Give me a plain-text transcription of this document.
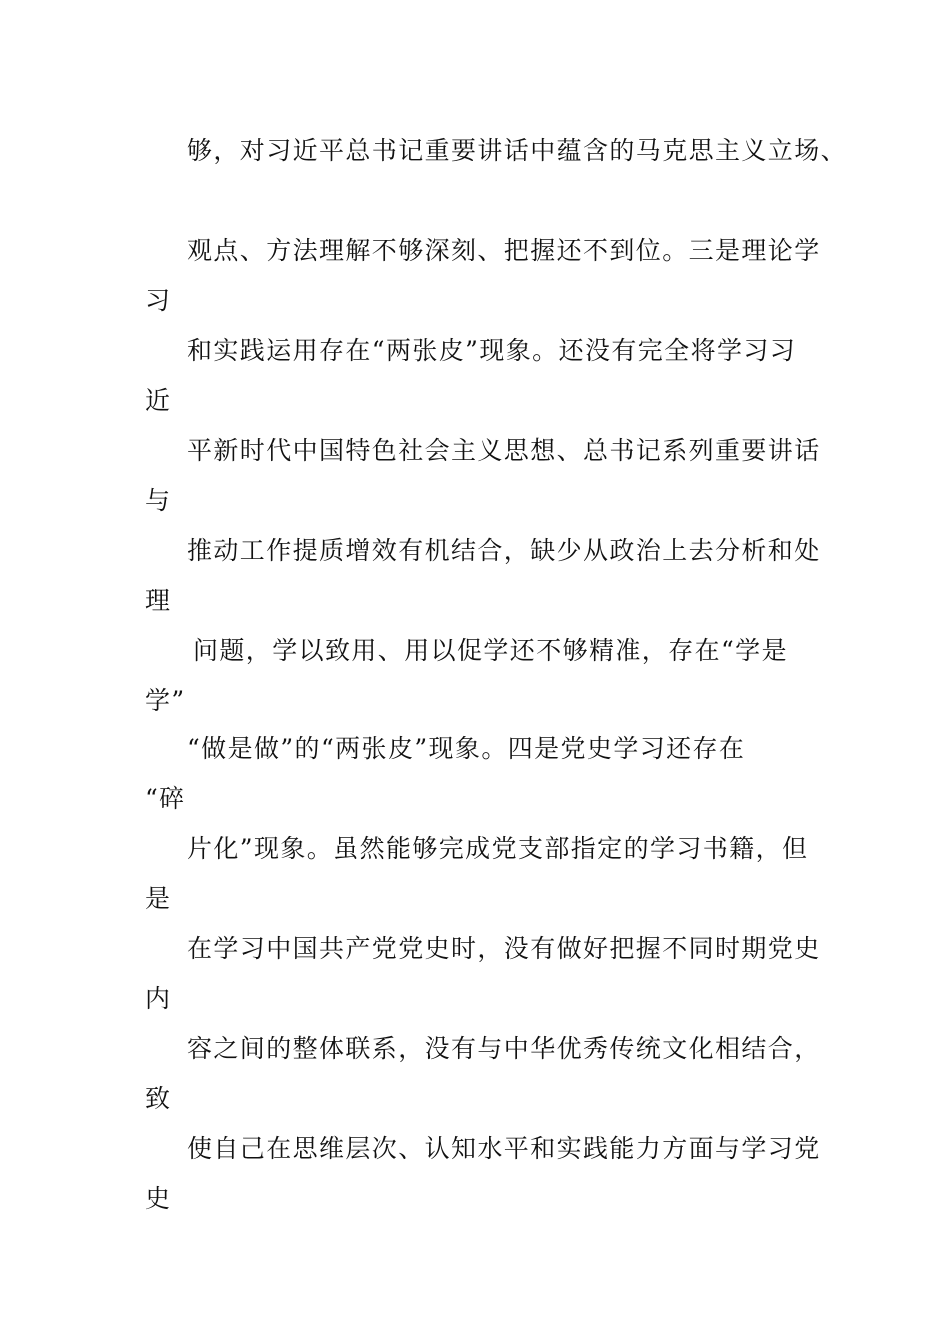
够，对习近平总书记重要讲话中蕴含的马克思主义立场、
观点、方法理解不够深刻、把握还不到位。三是理论学
习
和实践运用存在“两张皮”现象。还没有完全将学习习
近
平新时代中国特色社会主义思想、总书记系列重要讲话
与
推动工作提质增效有机结合，缺少从政治上去分析和处
理
问题，学以致用、用以促学还不够精准，存在“学是
学”
“做是做”的“两张皮”现象。四是党史学习还存在
“碎
片化”现象。虽然能够完成党支部指定的学习书籍，但
是
在学习中国共产党党史时，没有做好把握不同时期党史
内
容之间的整体联系，没有与中华优秀传统文化相结合，
致
使自己在思维层次、认知水平和实践能力方面与学习党
史
